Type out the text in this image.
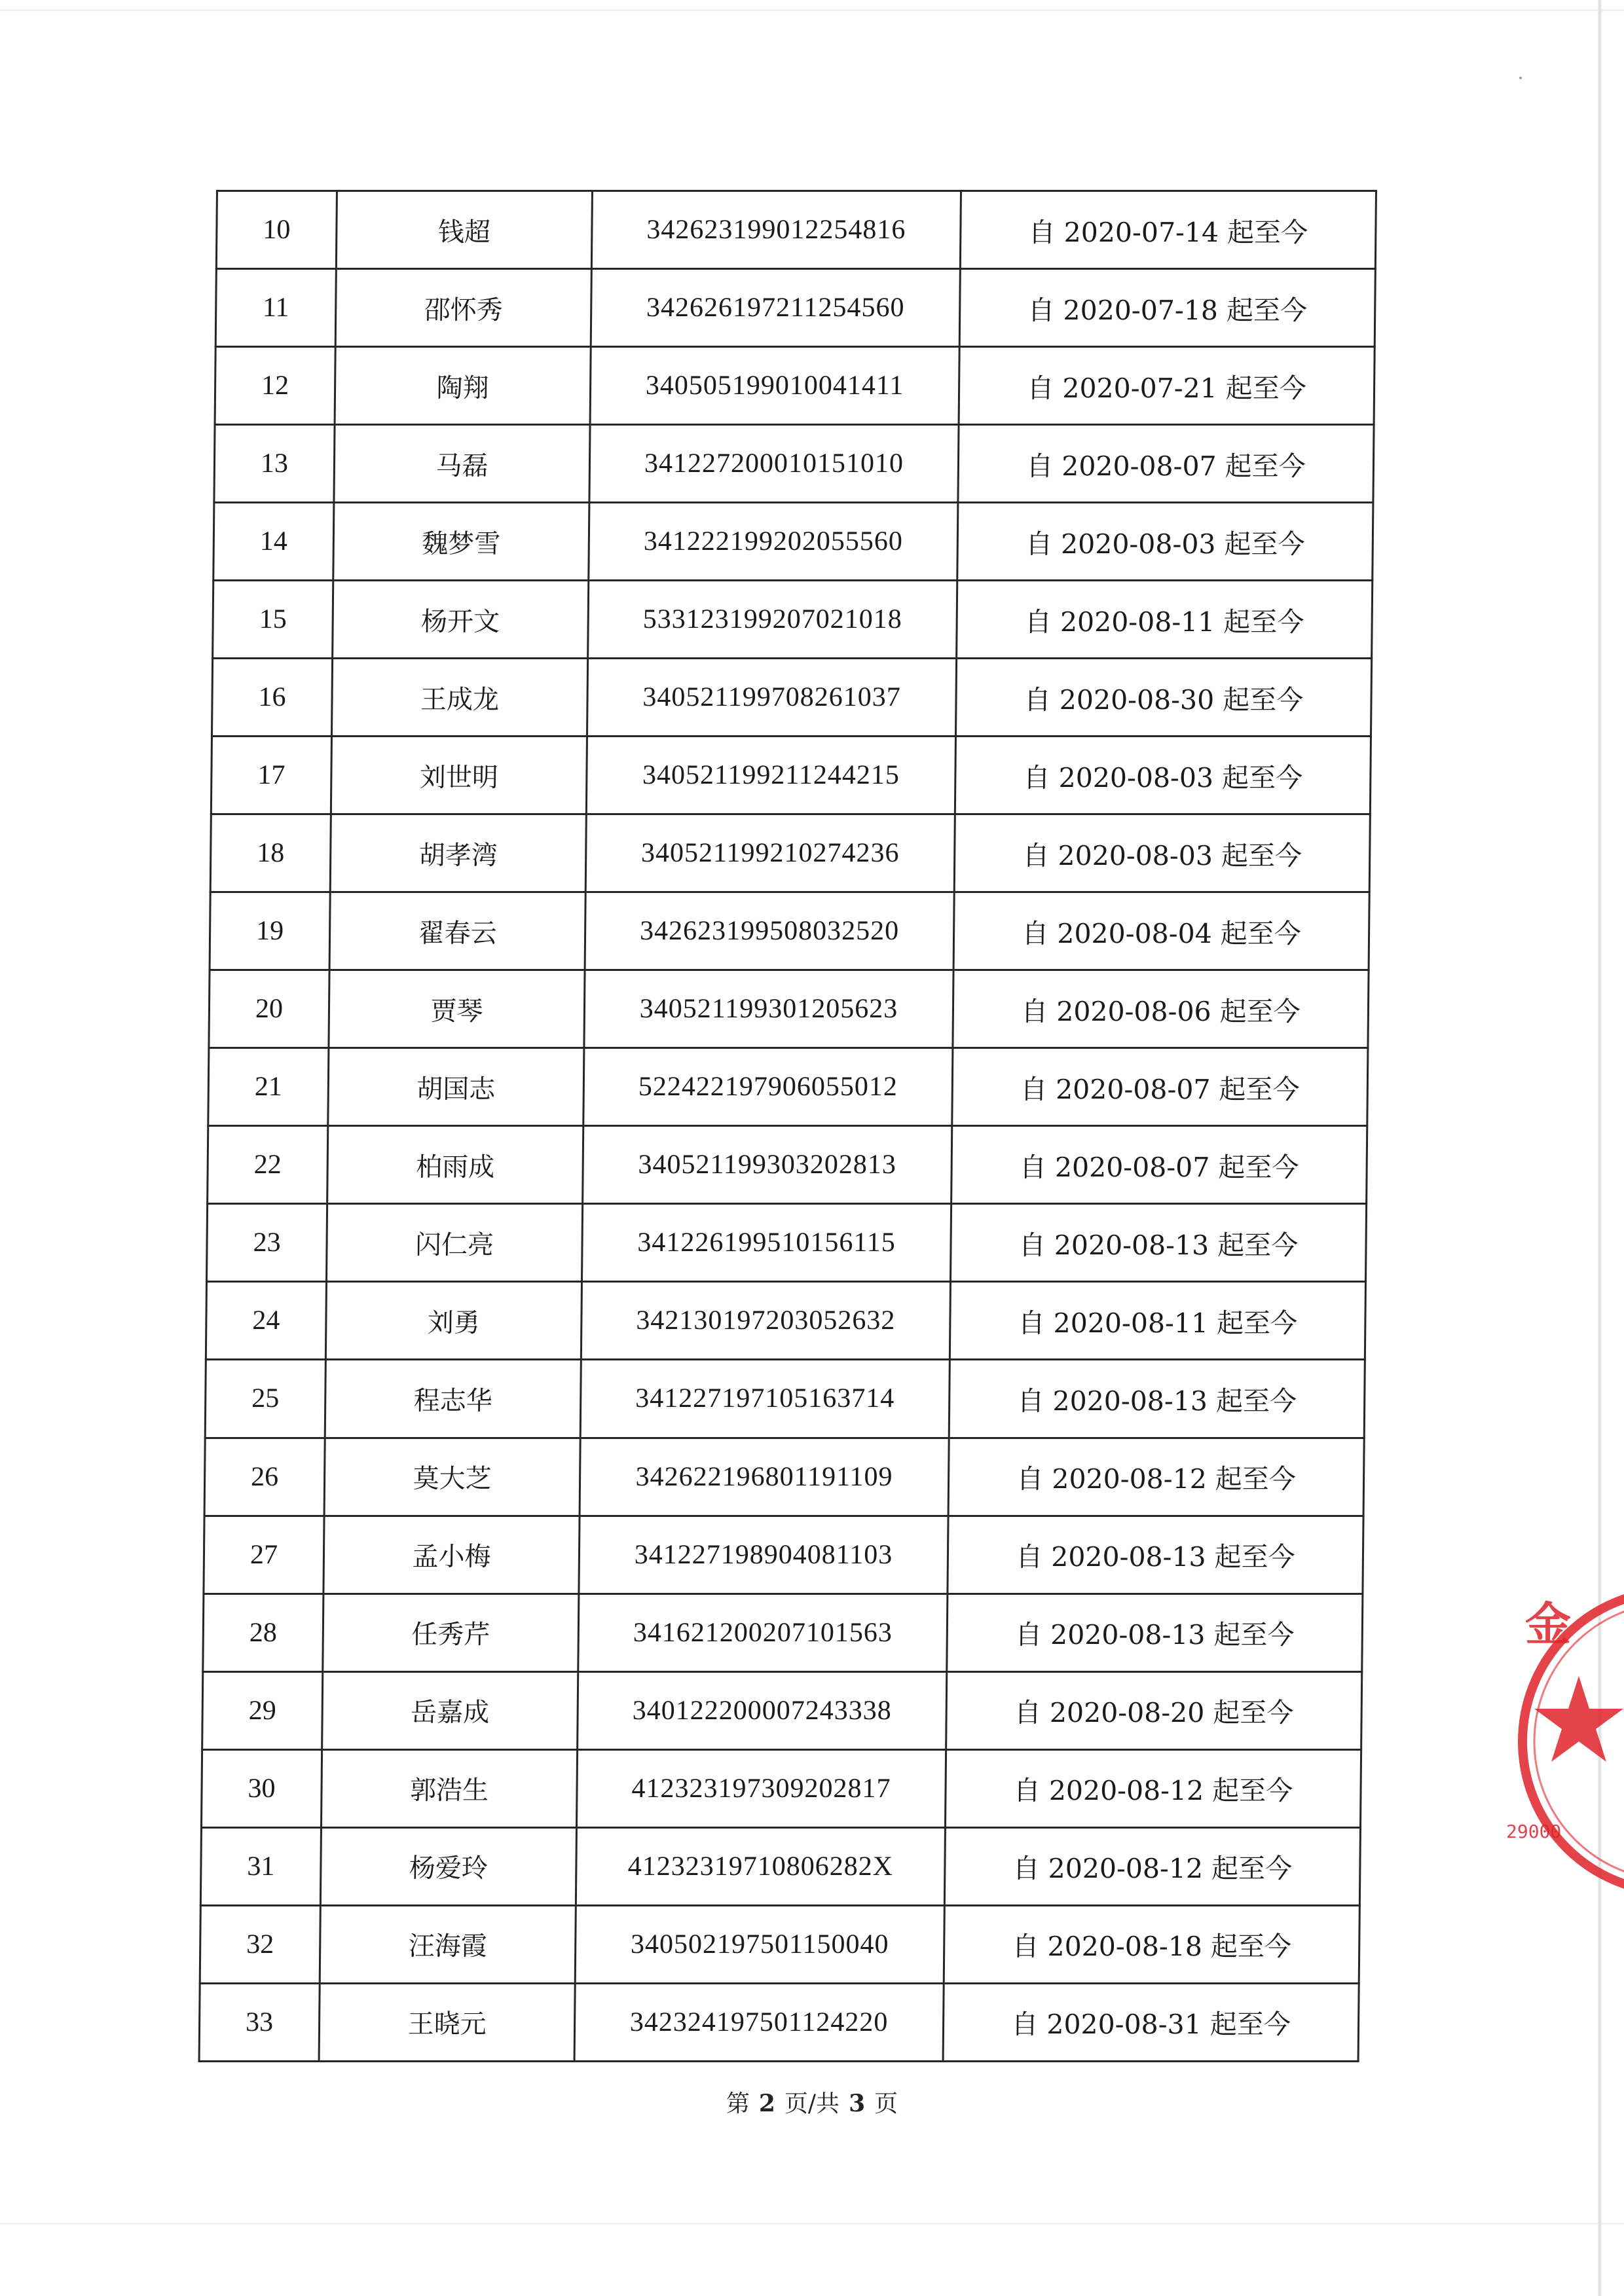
10	钱超	342623199012254816	自 2020-07-14 起至今
11	邵怀秀	342626197211254560	自 2020-07-18 起至今
12	陶翔	340505199010041411	自 2020-07-21 起至今
13	马磊	341227200010151010	自 2020-08-07 起至今
14	魏梦雪	341222199202055560	自 2020-08-03 起至今
15	杨开文	533123199207021018	自 2020-08-11 起至今
16	王成龙	340521199708261037	自 2020-08-30 起至今
17	刘世明	340521199211244215	自 2020-08-03 起至今
18	胡孝湾	340521199210274236	自 2020-08-03 起至今
19	翟春云	342623199508032520	自 2020-08-04 起至今
20	贾琴	340521199301205623	自 2020-08-06 起至今
21	胡国志	522422197906055012	自 2020-08-07 起至今
22	柏雨成	340521199303202813	自 2020-08-07 起至今
23	闪仁亮	341226199510156115	自 2020-08-13 起至今
24	刘勇	342130197203052632	自 2020-08-11 起至今
25	程志华	341227197105163714	自 2020-08-13 起至今
26	莫大芝	342622196801191109	自 2020-08-12 起至今
27	孟小梅	341227198904081103	自 2020-08-13 起至今
28	任秀芹	341621200207101563	自 2020-08-13 起至今
29	岳嘉成	340122200007243338	自 2020-08-20 起至今
30	郭浩生	412323197309202817	自 2020-08-12 起至今
31	杨爱玲	41232319710806282X	自 2020-08-12 起至今
32	汪海霞	340502197501150040	自 2020-08-18 起至今
33	王晓元	342324197501124220	自 2020-08-31 起至今
第 2 页/共 3 页
金
29000
